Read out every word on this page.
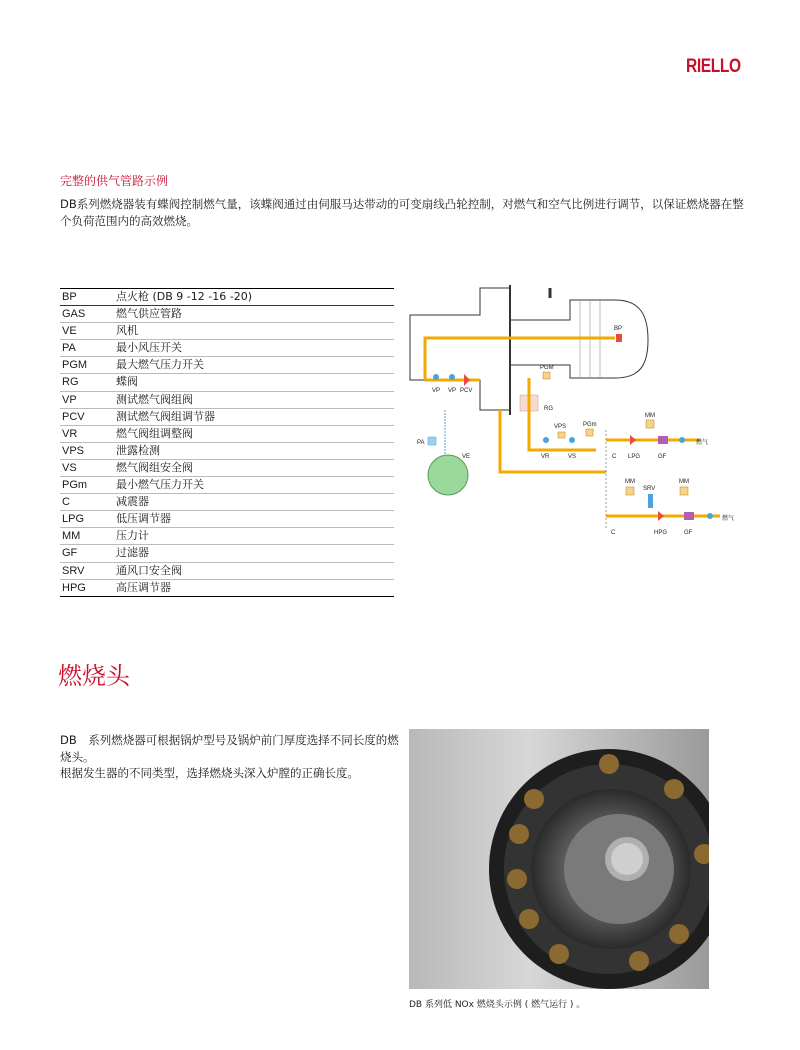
RIELLO
完整的供气管路示例
DB系列燃烧器装有蝶阀控制燃气量，该蝶阀通过由伺服马达带动的可变扇线凸轮控制，对燃气和空气比例进行调节，以保证燃烧器在整个负荷范围内的高效燃烧。
BP	点火枪 (DB 9 -12 -16 -20)
GAS	燃气供应管路
VE	风机
PA	最小风压开关
PGM	最大燃气压力开关
RG	蝶阀
VP	测试燃气阀组阀
PCV	测试燃气阀组调节器
VR	燃气阀组调整阀
VPS	泄露检测
VS	燃气阀组安全阀
PGm	最小燃气压力开关
C	减震器
LPG	低压调节器
MM	压力计
GF	过滤器
SRV	通风口安全阀
HPG	高压调节器
BP
VP VP PCV
PGM
RG
PA
VE
VPS	PGm
VR	VS	C LPG
MM
GF
燃气
C
MM
SRV
HPG
MM
GF
燃气
燃烧头

DB　系列燃烧器可根据锅炉型号及锅炉前门厚度选择不同长度的燃烧头。

根据发生器的不同类型，选择燃烧头深入炉膛的正确长度。

DB 系列低 NOx 燃烧头示例 ( 燃气运行 ) 。
